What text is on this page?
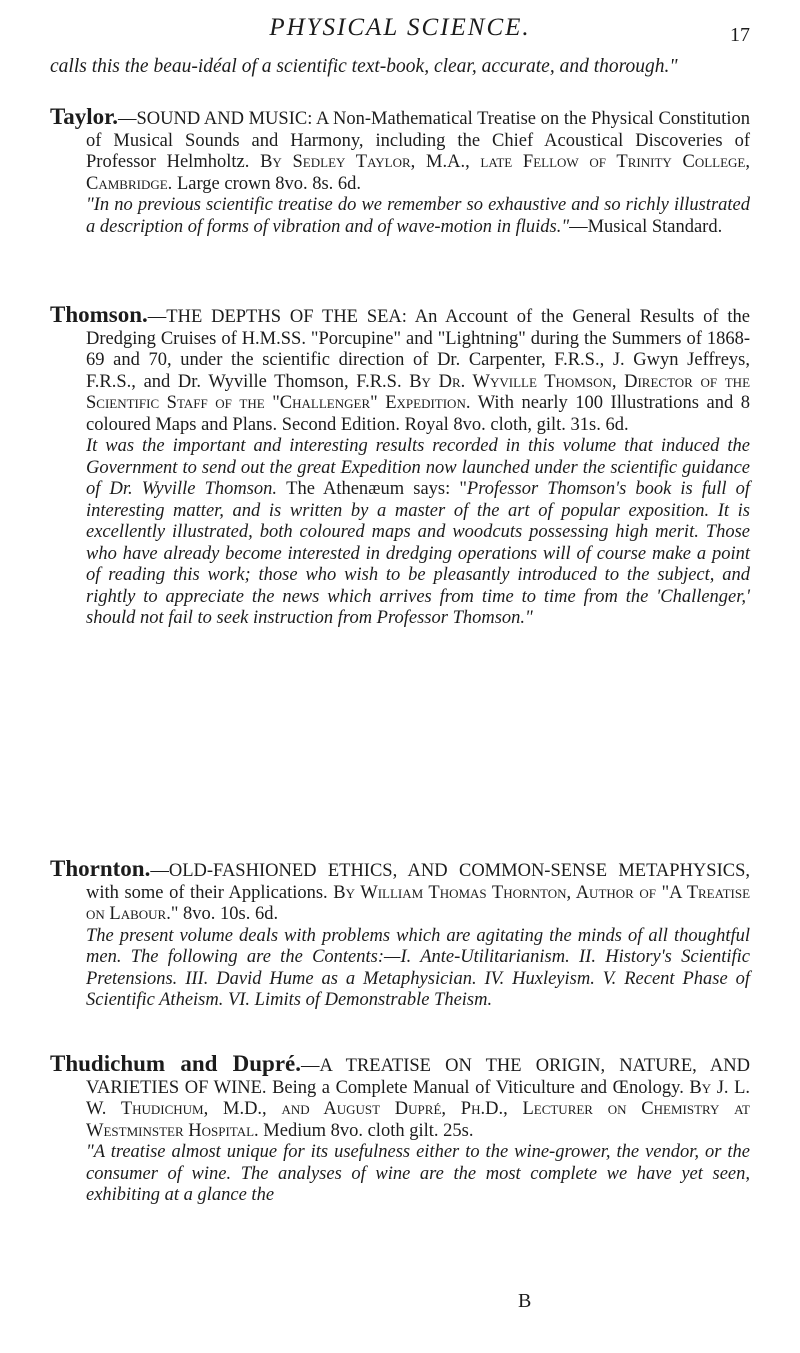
PHYSICAL SCIENCE.	17
calls this the beau-idéal of a scientific text-book, clear, accurate, and thorough."
Taylor.—SOUND AND MUSIC: A Non-Mathematical Treatise on the Physical Constitution of Musical Sounds and Harmony, including the Chief Acoustical Discoveries of Professor Helmholtz. By Sedley Taylor, M.A., late Fellow of Trinity College, Cambridge. Large crown 8vo. 8s. 6d.
"In no previous scientific treatise do we remember so exhaustive and so richly illustrated a description of forms of vibration and of wave-motion in fluids."—Musical Standard.
Thomson.—THE DEPTHS OF THE SEA: An Account of the General Results of the Dredging Cruises of H.M.SS. "Porcupine" and "Lightning" during the Summers of 1868-69 and 70, under the scientific direction of Dr. Carpenter, F.R.S., J. Gwyn Jeffreys, F.R.S., and Dr. Wyville Thomson, F.R.S. By Dr. Wyville Thomson, Director of the Scientific Staff of the "Challenger" Expedition. With nearly 100 Illustrations and 8 coloured Maps and Plans. Second Edition. Royal 8vo. cloth, gilt. 31s. 6d.
It was the important and interesting results recorded in this volume that induced the Government to send out the great Expedition now launched under the scientific guidance of Dr. Wyville Thomson. The Athenæum says: "Professor Thomson's book is full of interesting matter, and is written by a master of the art of popular exposition. It is excellently illustrated, both coloured maps and woodcuts possessing high merit. Those who have already become interested in dredging operations will of course make a point of reading this work; those who wish to be pleasantly introduced to the subject, and rightly to appreciate the news which arrives from time to time from the 'Challenger,' should not fail to seek instruction from Professor Thomson."
Thornton.—OLD-FASHIONED ETHICS, AND COMMON-SENSE METAPHYSICS, with some of their Applications. By William Thomas Thornton, Author of "A Treatise on Labour." 8vo. 10s. 6d.
The present volume deals with problems which are agitating the minds of all thoughtful men. The following are the Contents:—I. Ante-Utilitarianism. II. History's Scientific Pretensions. III. David Hume as a Metaphysician. IV. Huxleyism. V. Recent Phase of Scientific Atheism. VI. Limits of Demonstrable Theism.
Thudichum and Dupré.—A TREATISE ON THE ORIGIN, NATURE, AND VARIETIES OF WINE. Being a Complete Manual of Viticulture and Œnology. By J. L. W. Thudichum, M.D., and August Dupré, Ph.D., Lecturer on Chemistry at Westminster Hospital. Medium 8vo. cloth gilt. 25s.
"A treatise almost unique for its usefulness either to the wine-grower, the vendor, or the consumer of wine. The analyses of wine are the most complete we have yet seen, exhibiting at a glance the
B
